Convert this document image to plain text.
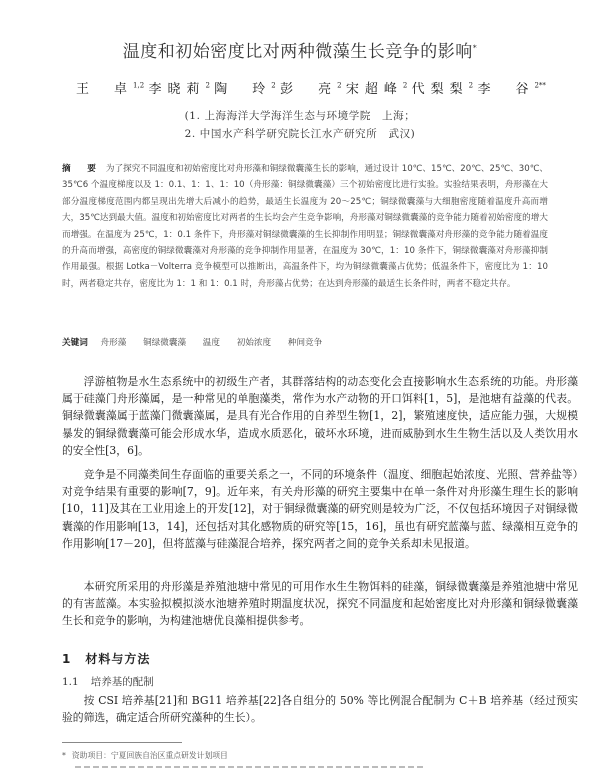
温度和初始密度比对两种微藻生长竞争的影响*
王　卓$^{1,2}$ 李晓莉$^2$ 陶　玲$^2$ 彭　亮$^2$ 宋超峰$^2$ 代梨梨$^2$ 李　谷$^{2**}$
(1. 上海海洋大学海洋生态与环境学院　上海；
2. 中国水产科学研究院长江水产研究所　武汉)
摘　要 为了探究不同温度和初始密度比对舟形藻和铜绿微囊藻生长的影响，通过设计 10℃、15℃、20℃、25℃、30℃、35℃6 个温度梯度以及 1：0.1、1：1、1：10（舟形藻：铜绿微囊藻）三个初始密度比进行实验。实验结果表明，舟形藻在大部分温度梯度范围内都呈现出先增大后减小的趋势，最适生长温度为 20～25℃；铜绿微囊藻与大细胞密度随着温度升高而增大，35℃达到最大值。温度和初始密度比对两者的生长均会产生竞争影响，舟形藻对铜绿微囊藻的竞争能力随着初始密度的增大而增强。在温度为 25℃，1：0.1 条件下，舟形藻对铜绿微囊藻的生长抑制作用明显；铜绿微囊藻对舟形藻的竞争能力随着温度的升高而增强，高密度的铜绿微囊藻对舟形藻的竞争抑制作用显著，在温度为 30℃，1：10 条件下，铜绿微囊藻对舟形藻抑制作用最强。根据 Lotka－Volterra 竞争模型可以推断出，高温条件下，均为铜绿微囊藻占优势；低温条件下，密度比为 1：10 时，两者稳定共存，密度比为 1：1 和 1：0.1 时，舟形藻占优势；在达到舟形藻的最适生长条件时，两者不稳定共存。
关键词 舟形藻 铜绿微囊藻 温度 初始浓度 种间竞争

浮游植物是水生态系统中的初级生产者，其群落结构的动态变化会直接影响水生态系统的功能。舟形藻属于硅藻门舟形藻属，是一种常见的单胞藻类，常作为水产动物的开口饵料[1，5]，是池塘有益藻的代表。铜绿微囊藻属于蓝藻门微囊藻属，是具有光合作用的自养型生物[1，2]，繁殖速度快，适应能力强，大规模暴发的铜绿微囊藻可能会形成水华，造成水质恶化，破坏水环境，进而威胁到水生生物生活以及人类饮用水的安全性[3，6]。

竞争是不同藻类间生存面临的重要关系之一，不同的环境条件（温度、细胞起始浓度、光照、营养盐等）对竞争结果有重要的影响[7，9]。近年来，有关舟形藻的研究主要集中在单一条件对舟形藻生理生长的影响[10，11]及其在工业用途上的开发[12]，对于铜绿微囊藻的研究则是较为广泛，不仅包括环境因子对铜绿微囊藻的作用影响[13，14]，还包括对其化感物质的研究等[15，16]，虽也有研究蓝藻与蓝、绿藻相互竞争的作用影响[17－20]，但将蓝藻与硅藻混合培养，探究两者之间的竞争关系却未见报道。

本研究所采用的舟形藻是养殖池塘中常见的可用作水生生物饵料的硅藻，铜绿微囊藻是养殖池塘中常见的有害蓝藻。本实验拟模拟淡水池塘养殖时期温度状况，探究不同温度和起始密度比对舟形藻和铜绿微囊藻生长和竞争的影响，为构建池塘优良藻相提供参考。

1 材料与方法
1.1 培养基的配制

按 CSI 培养基[21]和 BG11 培养基[22]各自组分的 50% 等比例混合配制为 C＋B 培养基（经过预实验的筛选，确定适合所研究藻种的生长）。

* 资助项目：宁夏回族自治区重点研发计划项目
